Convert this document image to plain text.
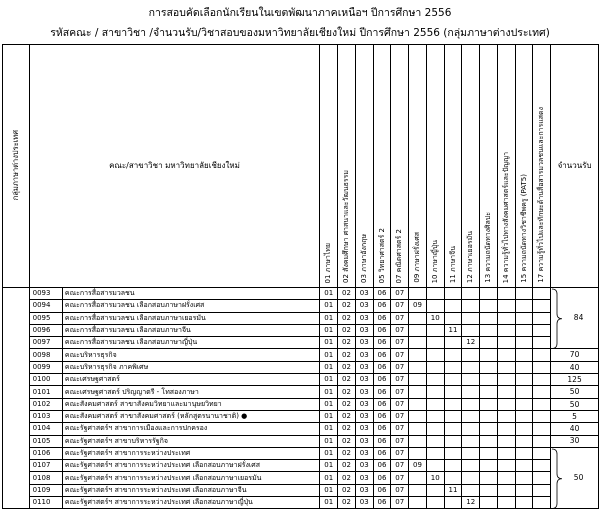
การสอบคัดเลือกนักเรียนในเขตพัฒนาภาคเหนือฯ ปีการศึกษา 2556
รหัสคณะ / สาขาวิชา /จำนวนรับ/วิชาสอบของมหาวิทยาลัยเชียงใหม่ ปีการศึกษา 2556 (กลุ่มภาษาต่างประเทศ)
กลุ่มภาษาต่างประเทศ	คณะ/สาขาวิชา มหาวิทยาลัยเชียงใหม่		01 ภาษาไทย	02 สังคมศึกษา ศาสนาและวัฒนธรรม	03 ภาษาอังกฤษ	05 วิทยาศาสตร์ 2	07 คณิตศาสตร์ 2	09 ภาษาฝรั่งเศส	10 ภาษาญี่ปุ่น	11 ภาษาจีน	12 ภาษาเยอรมัน	13 ความถนัดทางศิลปะ	14 ความรู้ทั่วไปทางสังคมศาสตร์และปัญญา	15 ความถนัดทางวิชาชีพครู (PAT5)	17 ความรู้ทั่วไปและทักษะด้านสื่อสารมวลชนและการแสดง	จำนวนรับ
	0093	คณะการสื่อสารมวลชน	01	02	03	06	07									84
	0094	คณะการสื่อสารมวลชน เลือกสอบภาษาฝรั่งเศส	01	02	03	06	07	09								
	0095	คณะการสื่อสารมวลชน เลือกสอบภาษาเยอรมัน	01	02	03	06	07		10							
	0096	คณะการสื่อสารมวลชน เลือกสอบภาษาจีน	01	02	03	06	07			11						
	0097	คณะการสื่อสารมวลชน เลือกสอบภาษาญี่ปุ่น	01	02	03	06	07				12					
	0098	คณะบริหารธุรกิจ	01	02	03	06	07									70
	0099	คณะบริหารธุรกิจ ภาคพิเศษ	01	02	03	06	07									40
	0100	คณะเศรษฐศาสตร์	01	02	03	06	07									125
	0101	คณะเศรษฐศาสตร์ ปริญญาตรี - โทสองภาษา	01	02	03	06	07									50
	0102	คณะสังคมศาสตร์ สาขาสังคมวิทยาและมานุษยวิทยา	01	02	03	06	07									50
	0103	คณะสังคมศาสตร์ สาขาสังคมศาสตร์ (หลักสูตรนานาชาติ) ●	01	02	03	06	07									5
	0104	คณะรัฐศาสตร์ฯ สาขาการเมืองและการปกครอง	01	02	03	06	07									40
	0105	คณะรัฐศาสตร์ฯ สาขาบริหารรัฐกิจ	01	02	03	06	07									30
	0106	คณะรัฐศาสตร์ฯ สาขาการระหว่างประเทศ	01	02	03	06	07									50
	0107	คณะรัฐศาสตร์ฯ สาขาการระหว่างประเทศ เลือกสอบภาษาฝรั่งเศส	01	02	03	06	07	09								
	0108	คณะรัฐศาสตร์ฯ สาขาการระหว่างประเทศ เลือกสอบภาษาเยอรมัน	01	02	03	06	07		10							
	0109	คณะรัฐศาสตร์ฯ สาขาการระหว่างประเทศ เลือกสอบภาษาจีน	01	02	03	06	07			11						
	0110	คณะรัฐศาสตร์ฯ สาขาการระหว่างประเทศ เลือกสอบภาษาญี่ปุ่น	01	02	03	06	07				12					
